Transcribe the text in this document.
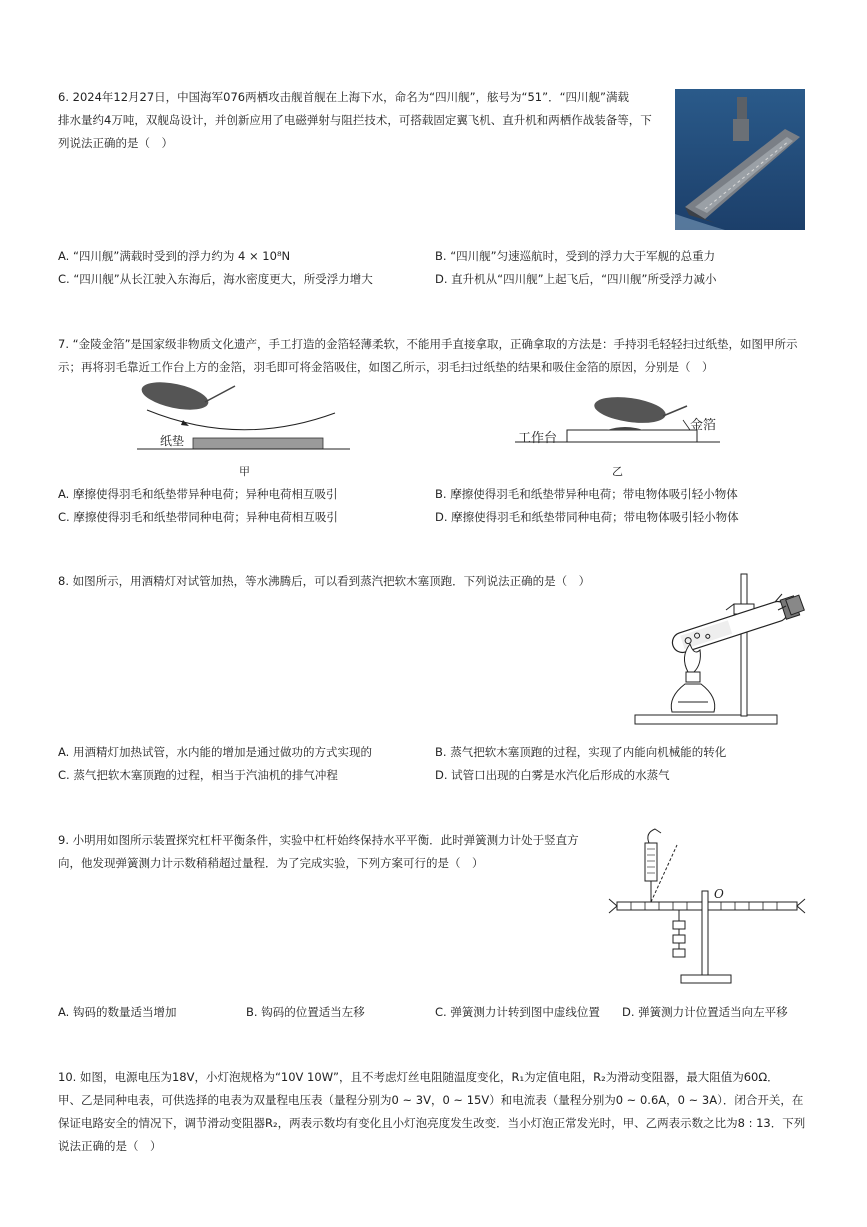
6. 2024年12月27日，中国海军076两栖攻击舰首舰在上海下水，命名为“四川舰”，舷号为“51”．“四川舰”满载
排水量约4万吨，双舰岛设计，并创新应用了电磁弹射与阻拦技术，可搭载固定翼飞机、直升机和两栖作战装备等，下
列说法正确的是（　）
A. “四川舰”满载时受到的浮力约为 4 × 10⁸N	B. “四川舰”匀速巡航时，受到的浮力大于军舰的总重力
C. “四川舰”从长江驶入东海后，海水密度更大，所受浮力增大	D. 直升机从“四川舰”上起飞后，“四川舰”所受浮力减小
7. “金陵金箔”是国家级非物质文化遗产，手工打造的金箔轻薄柔软，不能用手直接拿取，正确拿取的方法是：手持羽毛轻轻扫过纸垫，如图甲所示
示；再将羽毛靠近工作台上方的金箔，羽毛即可将金箔吸住，如图乙所示，羽毛扫过纸垫的结果和吸住金箔的原因，分别是（　）
纸垫
甲
工作台
金箔
乙
A. 摩擦使得羽毛和纸垫带异种电荷；异种电荷相互吸引	B. 摩擦使得羽毛和纸垫带异种电荷；带电物体吸引轻小物体
C. 摩擦使得羽毛和纸垫带同种电荷；异种电荷相互吸引	D. 摩擦使得羽毛和纸垫带同种电荷；带电物体吸引轻小物体
8. 如图所示，用酒精灯对试管加热，等水沸腾后，可以看到蒸汽把软木塞顶跑．下列说法正确的是（　）
A. 用酒精灯加热试管，水内能的增加是通过做功的方式实现的	B. 蒸气把软木塞顶跑的过程，实现了内能向机械能的转化
C. 蒸气把软木塞顶跑的过程，相当于汽油机的排气冲程	D. 试管口出现的白雾是水汽化后形成的水蒸气
9. 小明用如图所示装置探究杠杆平衡条件，实验中杠杆始终保持水平平衡．此时弹簧测力计处于竖直方
向，他发现弹簧测力计示数稍稍超过量程．为了完成实验，下列方案可行的是（　）
O
A. 钩码的数量适当增加	B. 钩码的位置适当左移	C. 弹簧测力计转到图中虚线位置 D. 弹簧测力计位置适当向左平移
10. 如图，电源电压为18V，小灯泡规格为“10V 10W”，且不考虑灯丝电阻随温度变化，R₁为定值电阻，R₂为滑动变阻器，最大阻值为60Ω．
甲、乙是同种电表，可供选择的电表为双量程电压表（量程分别为0 ~ 3V，0 ~ 15V）和电流表（量程分别为0 ~ 0.6A，0 ~ 3A）．闭合开关，在
保证电路安全的情况下，调节滑动变阻器R₂，两表示数均有变化且小灯泡亮度发生改变．当小灯泡正常发光时，甲、乙两表示数之比为8 : 13．下列
说法正确的是（　）
